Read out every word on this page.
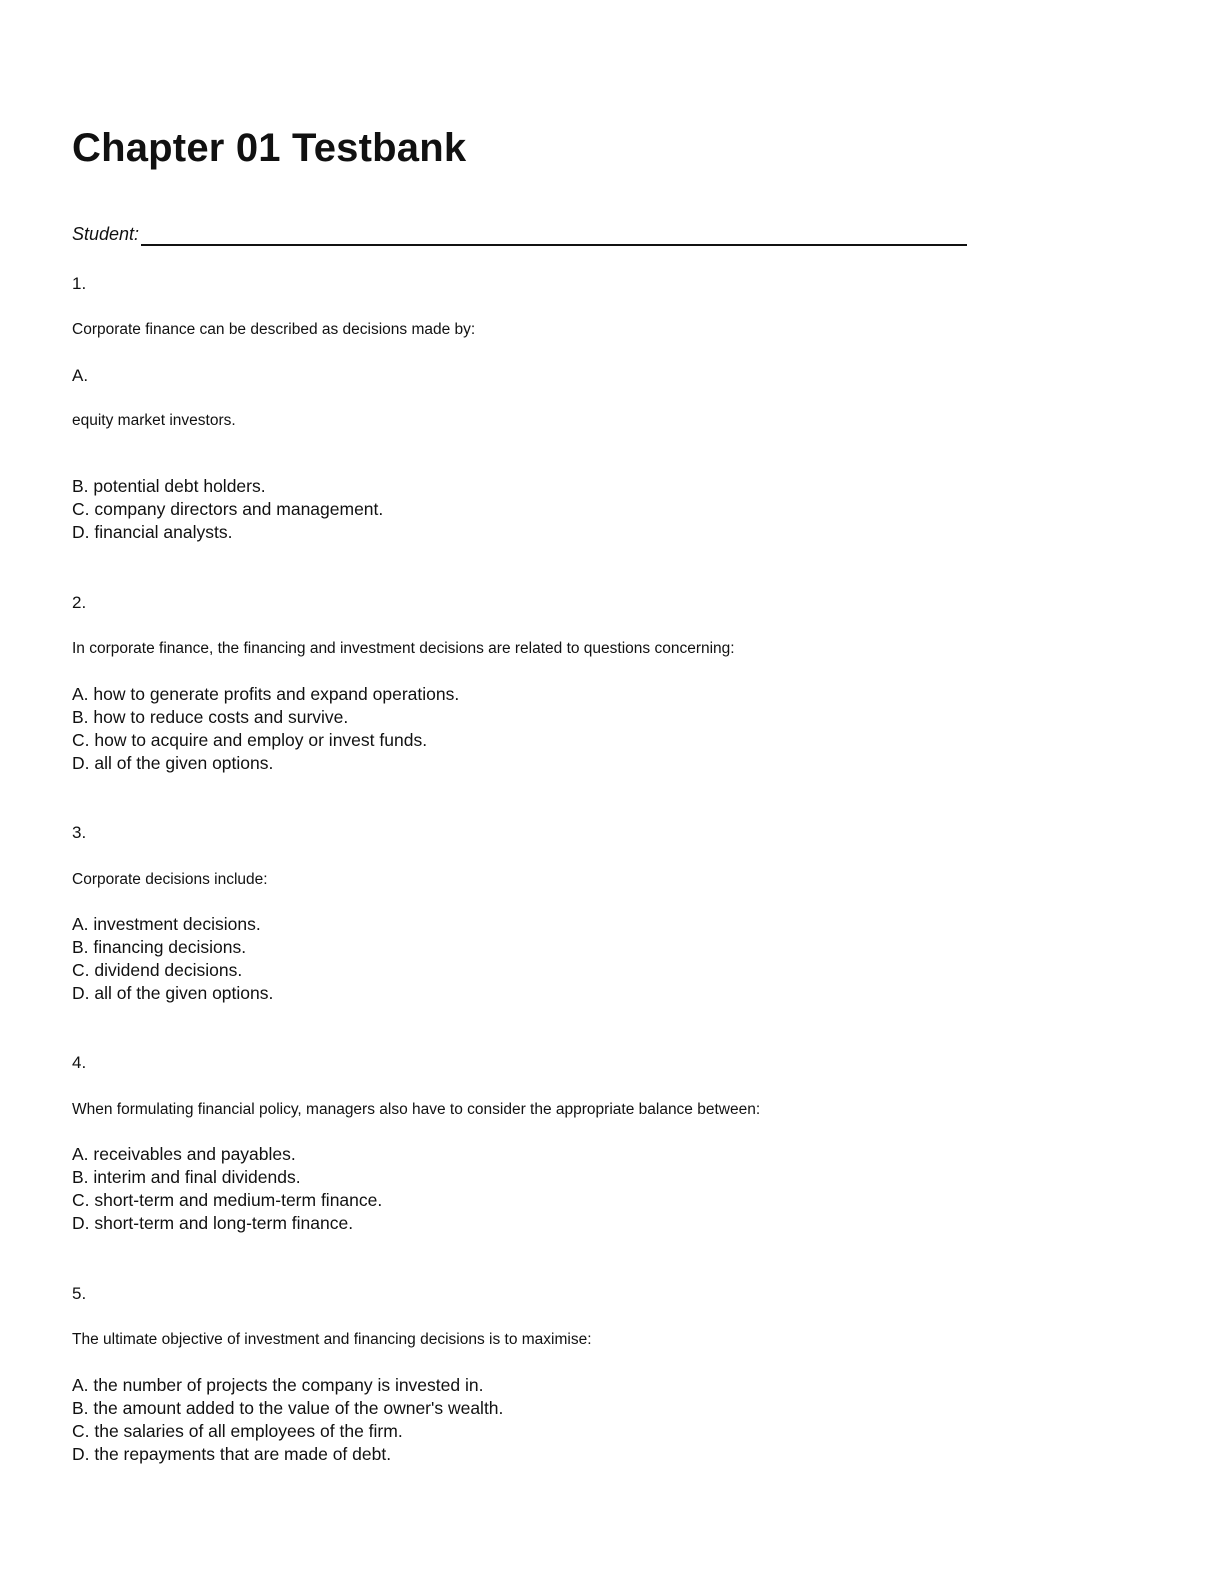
Chapter 01 Testbank
Student:

1.

Corporate finance can be described as decisions made by:

A.

equity market investors.

B. potential debt holders.
C. company directors and management.
D. financial analysts.

2.

In corporate finance, the financing and investment decisions are related to questions concerning:

A. how to generate profits and expand operations.
B. how to reduce costs and survive.
C. how to acquire and employ or invest funds.
D. all of the given options.

3.

Corporate decisions include:

A. investment decisions.
B. financing decisions.
C. dividend decisions.
D. all of the given options.

4.

When formulating financial policy, managers also have to consider the appropriate balance between:

A. receivables and payables.
B. interim and final dividends.
C. short-term and medium-term finance.
D. short-term and long-term finance.

5.

The ultimate objective of investment and financing decisions is to maximise:

A. the number of projects the company is invested in.
B. the amount added to the value of the owner's wealth.
C. the salaries of all employees of the firm.
D. the repayments that are made of debt.
